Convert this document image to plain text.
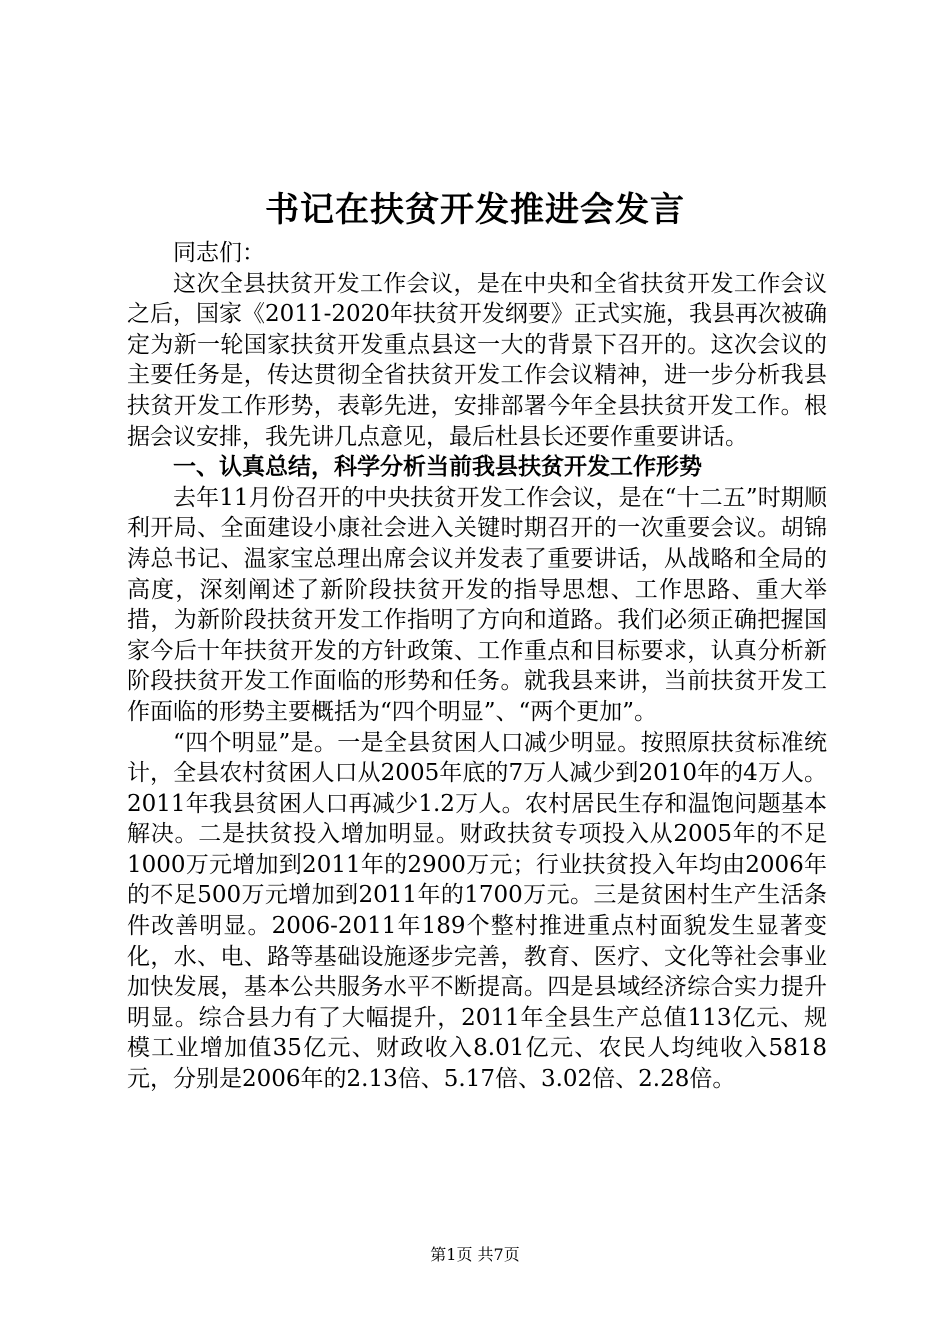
书记在扶贫开发推进会发言

同志们：

这次全县扶贫开发工作会议，是在中央和全省扶贫开发工作会议之后，国家《2011-2020年扶贫开发纲要》正式实施，我县再次被确定为新一轮国家扶贫开发重点县这一大的背景下召开的。这次会议的主要任务是，传达贯彻全省扶贫开发工作会议精神，进一步分析我县扶贫开发工作形势，表彰先进，安排部署今年全县扶贫开发工作。根据会议安排，我先讲几点意见，最后杜县长还要作重要讲话。

一、认真总结，科学分析当前我县扶贫开发工作形势

去年11月份召开的中央扶贫开发工作会议，是在“十二五”时期顺利开局、全面建设小康社会进入关键时期召开的一次重要会议。胡锦涛总书记、温家宝总理出席会议并发表了重要讲话，从战略和全局的高度，深刻阐述了新阶段扶贫开发的指导思想、工作思路、重大举措，为新阶段扶贫开发工作指明了方向和道路。我们必须正确把握国家今后十年扶贫开发的方针政策、工作重点和目标要求，认真分析新阶段扶贫开发工作面临的形势和任务。就我县来讲，当前扶贫开发工作面临的形势主要概括为“四个明显”、“两个更加”。

“四个明显”是。一是全县贫困人口减少明显。按照原扶贫标准统计，全县农村贫困人口从2005年底的7万人减少到2010年的4万人。2011年我县贫困人口再减少1.2万人。农村居民生存和温饱问题基本解决。二是扶贫投入增加明显。财政扶贫专项投入从2005年的不足1000万元增加到2011年的2900万元；行业扶贫投入年均由2006年的不足500万元增加到2011年的1700万元。三是贫困村生产生活条件改善明显。2006-2011年189个整村推进重点村面貌发生显著变化，水、电、路等基础设施逐步完善，教育、医疗、文化等社会事业加快发展，基本公共服务水平不断提高。四是县域经济综合实力提升明显。综合县力有了大幅提升，2011年全县生产总值113亿元、规模工业增加值35亿元、财政收入8.01亿元、农民人均纯收入5818元，分别是2006年的2.13倍、5.17倍、3.02倍、2.28倍。

第1页 共7页
